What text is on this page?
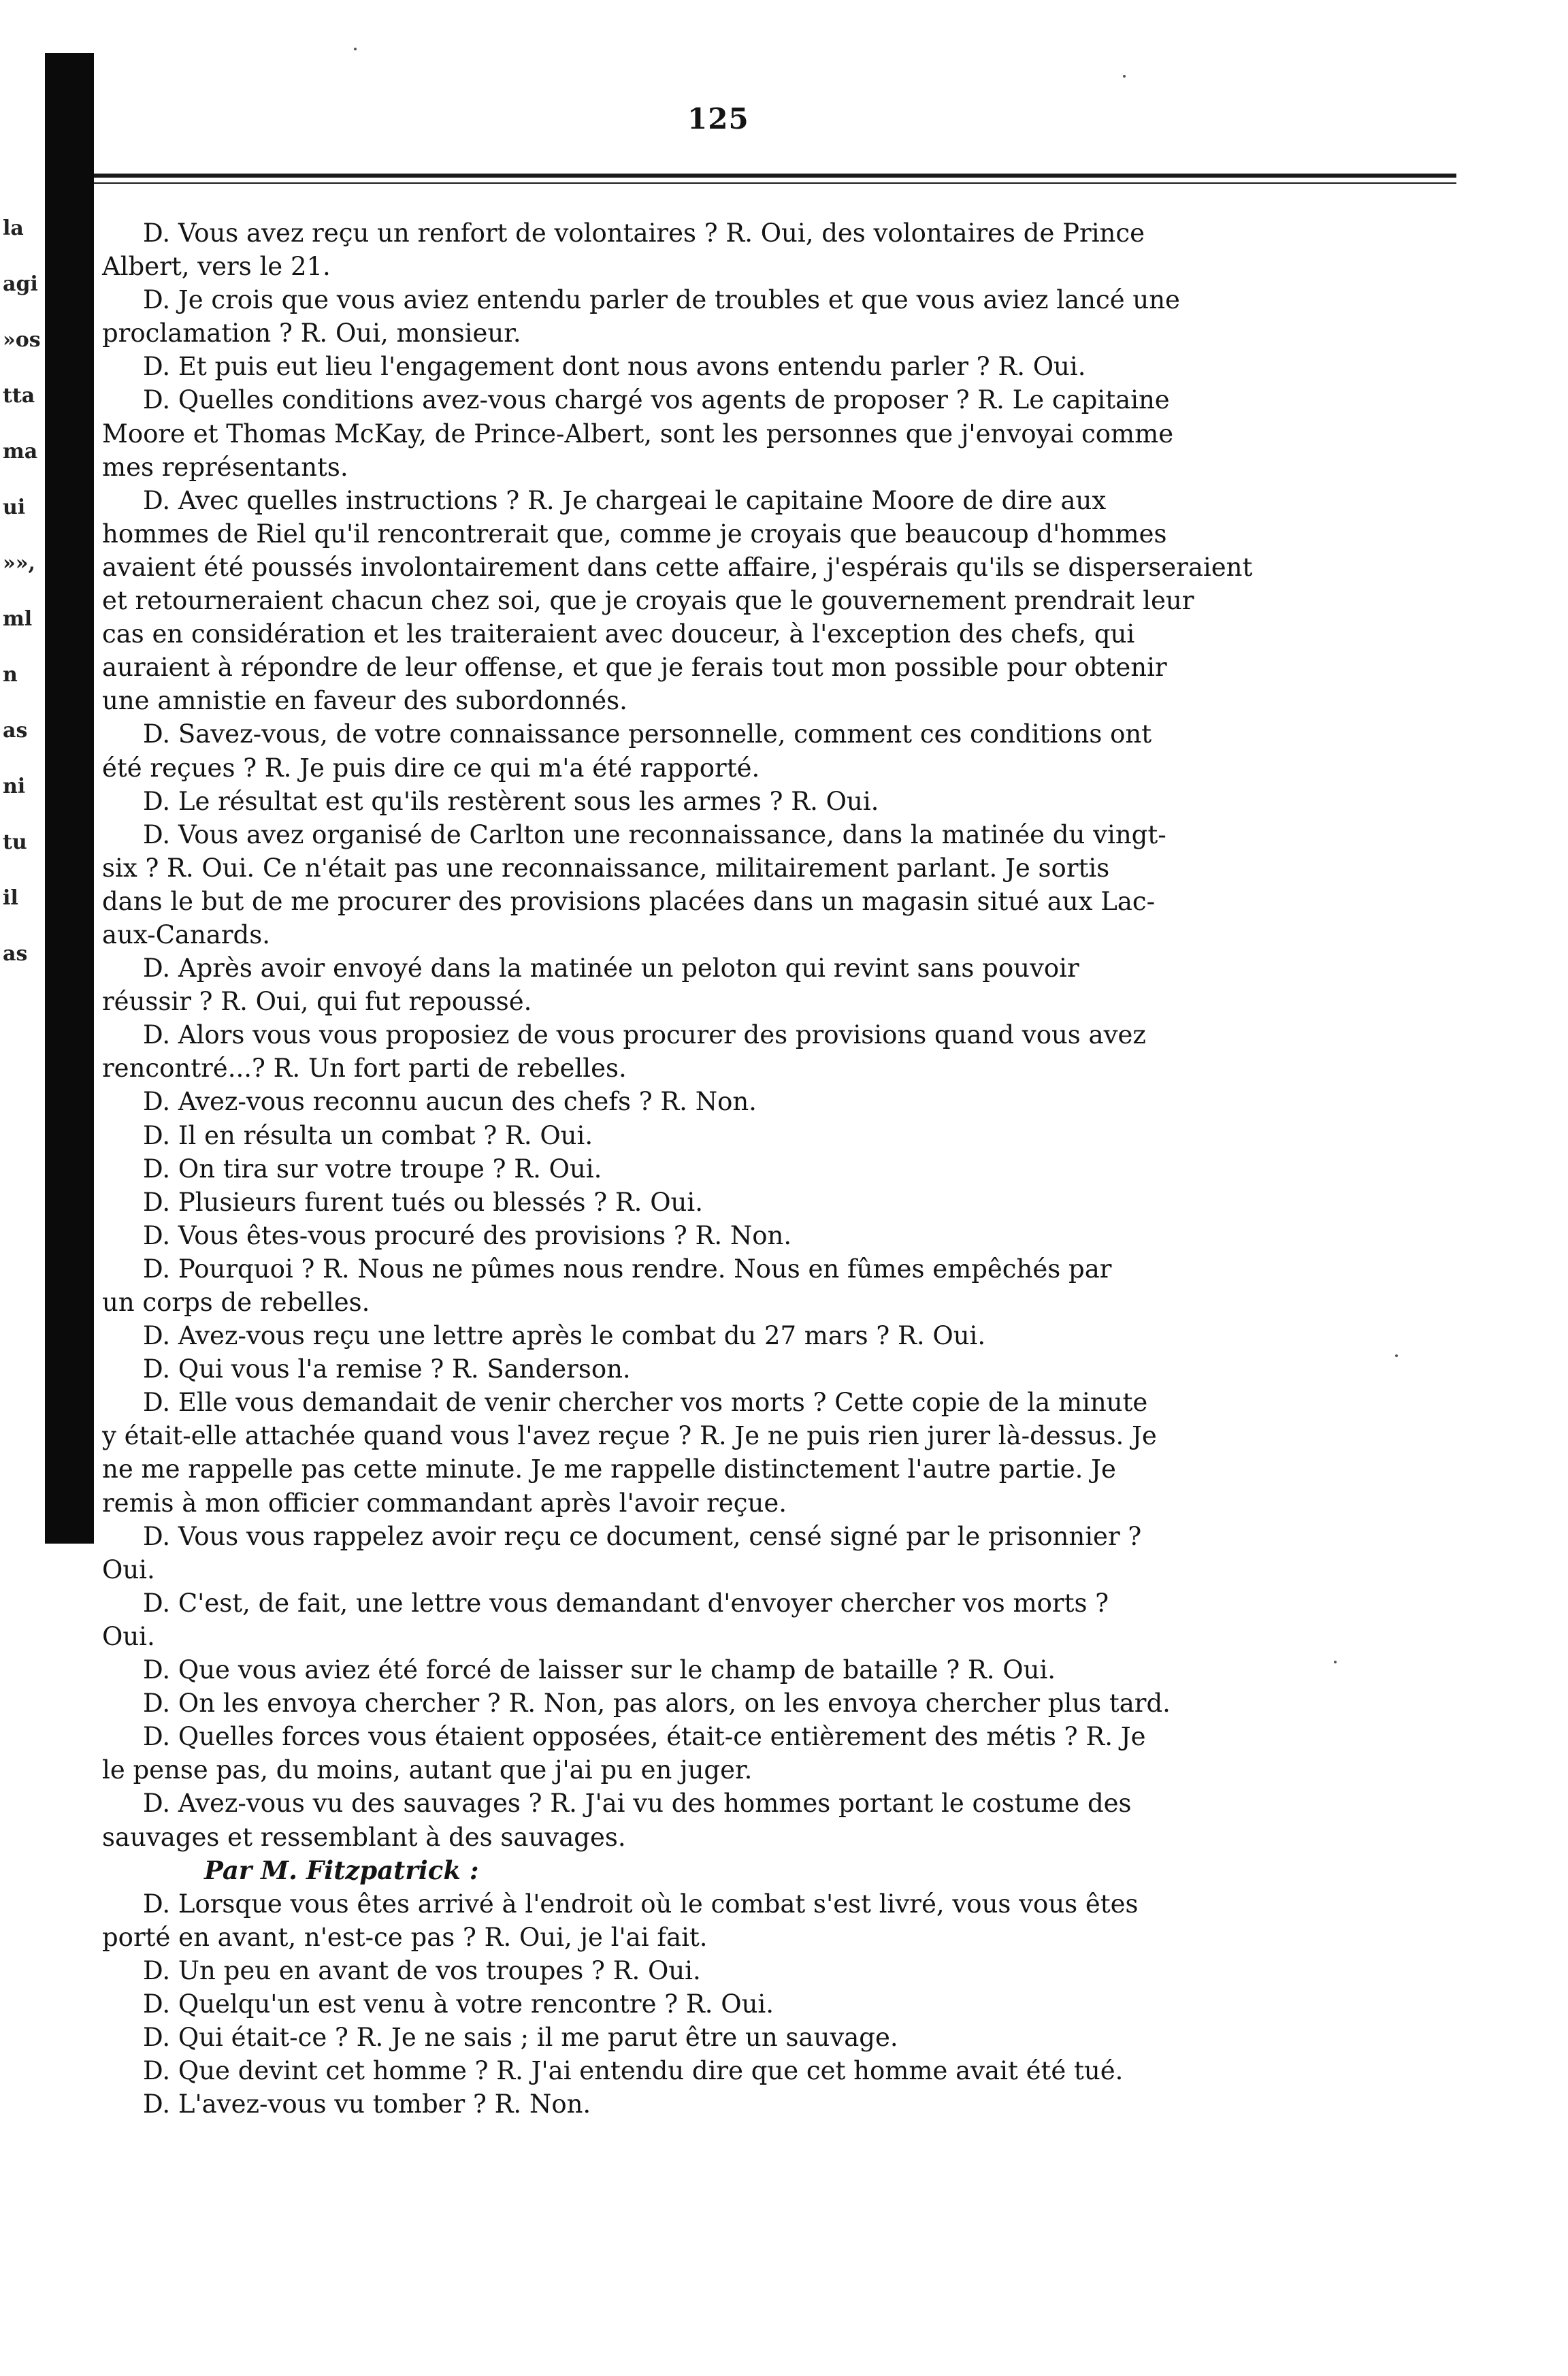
125
la
agi
»os
tta
ma
ui
»»,
ml
n
as
ni
tu
il
as
D. Vous avez reçu un renfort de volontaires ? R. Oui, des volontaires de Prince
Albert, vers le 21.
D. Je crois que vous aviez entendu parler de troubles et que vous aviez lancé une
proclamation ? R. Oui, monsieur.
D. Et puis eut lieu l'engagement dont nous avons entendu parler ? R. Oui.
D. Quelles conditions avez-vous chargé vos agents de proposer ? R. Le capitaine
Moore et Thomas McKay, de Prince-Albert, sont les personnes que j'envoyai comme
mes représentants.
D. Avec quelles instructions ? R. Je chargeai le capitaine Moore de dire aux
hommes de Riel qu'il rencontrerait que, comme je croyais que beaucoup d'hommes
avaient été poussés involontairement dans cette affaire, j'espérais qu'ils se disperseraient
et retourneraient chacun chez soi, que je croyais que le gouvernement prendrait leur
cas en considération et les traiteraient avec douceur, à l'exception des chefs, qui
auraient à répondre de leur offense, et que je ferais tout mon possible pour obtenir
une amnistie en faveur des subordonnés.
D. Savez-vous, de votre connaissance personnelle, comment ces conditions ont
été reçues ? R. Je puis dire ce qui m'a été rapporté.
D. Le résultat est qu'ils restèrent sous les armes ? R. Oui.
D. Vous avez organisé de Carlton une reconnaissance, dans la matinée du vingt-
six ? R. Oui. Ce n'était pas une reconnaissance, militairement parlant. Je sortis
dans le but de me procurer des provisions placées dans un magasin situé aux Lac-
aux-Canards.
D. Après avoir envoyé dans la matinée un peloton qui revint sans pouvoir
réussir ? R. Oui, qui fut repoussé.
D. Alors vous vous proposiez de vous procurer des provisions quand vous avez
rencontré...? R. Un fort parti de rebelles.
D. Avez-vous reconnu aucun des chefs ? R. Non.
D. Il en résulta un combat ? R. Oui.
D. On tira sur votre troupe ? R. Oui.
D. Plusieurs furent tués ou blessés ? R. Oui.
D. Vous êtes-vous procuré des provisions ? R. Non.
D. Pourquoi ? R. Nous ne pûmes nous rendre. Nous en fûmes empêchés par
un corps de rebelles.
D. Avez-vous reçu une lettre après le combat du 27 mars ? R. Oui.
D. Qui vous l'a remise ? R. Sanderson.
D. Elle vous demandait de venir chercher vos morts ? Cette copie de la minute
y était-elle attachée quand vous l'avez reçue ? R. Je ne puis rien jurer là-dessus. Je
ne me rappelle pas cette minute. Je me rappelle distinctement l'autre partie. Je
remis à mon officier commandant après l'avoir reçue.
D. Vous vous rappelez avoir reçu ce document, censé signé par le prisonnier ?
Oui.
D. C'est, de fait, une lettre vous demandant d'envoyer chercher vos morts ?
Oui.
D. Que vous aviez été forcé de laisser sur le champ de bataille ? R. Oui.
D. On les envoya chercher ? R. Non, pas alors, on les envoya chercher plus tard.
D. Quelles forces vous étaient opposées, était-ce entièrement des métis ? R. Je
le pense pas, du moins, autant que j'ai pu en juger.
D. Avez-vous vu des sauvages ? R. J'ai vu des hommes portant le costume des
sauvages et ressemblant à des sauvages.
Par M. Fitzpatrick :
D. Lorsque vous êtes arrivé à l'endroit où le combat s'est livré, vous vous êtes
porté en avant, n'est-ce pas ? R. Oui, je l'ai fait.
D. Un peu en avant de vos troupes ? R. Oui.
D. Quelqu'un est venu à votre rencontre ? R. Oui.
D. Qui était-ce ? R. Je ne sais ; il me parut être un sauvage.
D. Que devint cet homme ? R. J'ai entendu dire que cet homme avait été tué.
D. L'avez-vous vu tomber ? R. Non.
